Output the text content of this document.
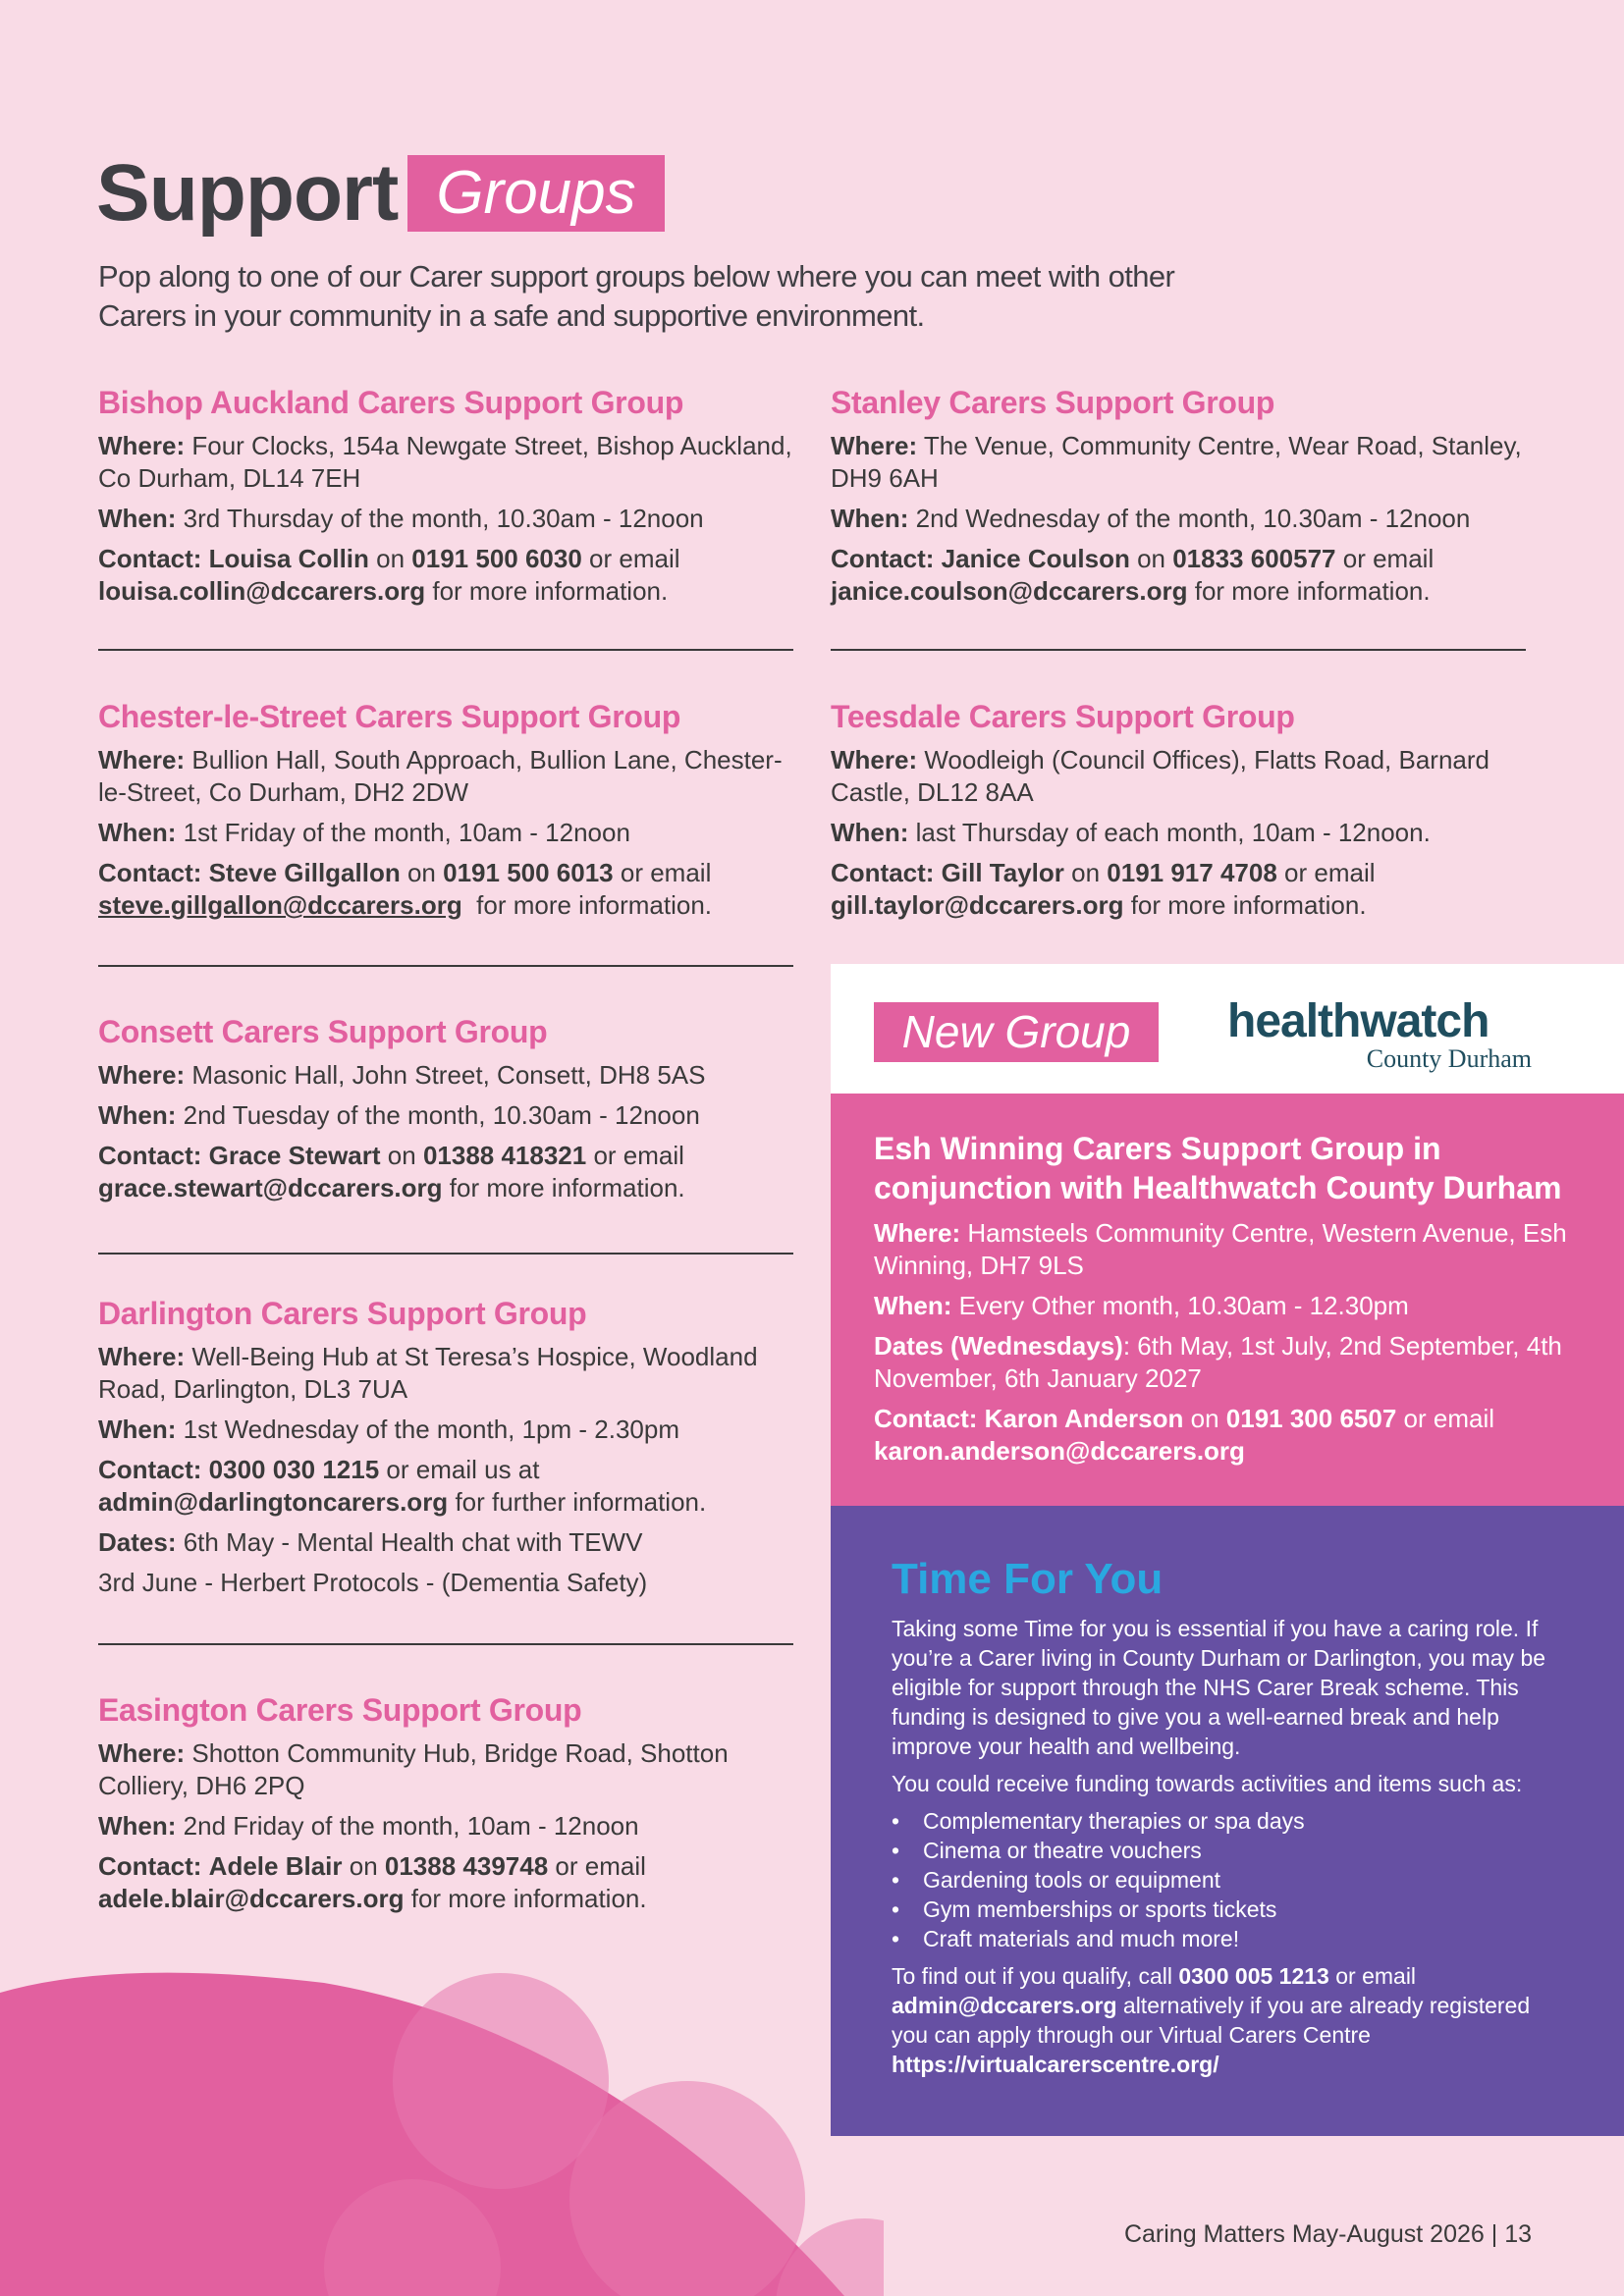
Support Groups
Pop along to one of our Carer support groups below where you can meet with other Carers in your community in a safe and supportive environment.
Bishop Auckland Carers Support Group

Where: Four Clocks, 154a Newgate Street, Bishop Auckland, Co Durham, DL14 7EH

When: 3rd Thursday of the month, 10.30am - 12noon

Contact: Louisa Collin on 0191 500 6030 or email
louisa.collin@dccarers.org for more information.

Chester-le-Street Carers Support Group

Where: Bullion Hall, South Approach, Bullion Lane, Chester- le-Street, Co Durham, DH2 2DW

When: 1st Friday of the month, 10am - 12noon

Contact: Steve Gillgallon on 0191 500 6013 or email
steve.gillgallon@dccarers.org for more information.

Consett Carers Support Group

Where: Masonic Hall, John Street, Consett, DH8 5AS

When: 2nd Tuesday of the month, 10.30am - 12noon

Contact: Grace Stewart on 01388 418321 or email
grace.stewart@dccarers.org for more information.

Darlington Carers Support Group

Where: Well-Being Hub at St Teresa’s Hospice, Woodland Road, Darlington, DL3 7UA

When: 1st Wednesday of the month, 1pm - 2.30pm

Contact: 0300 030 1215 or email us at
admin@darlingtoncarers.org for further information.

Dates: 6th May - Mental Health chat with TEWV

3rd June - Herbert Protocols - (Dementia Safety)

Easington Carers Support Group

Where: Shotton Community Hub, Bridge Road, Shotton Colliery, DH6 2PQ

When: 2nd Friday of the month, 10am - 12noon

Contact: Adele Blair on 01388 439748 or email
adele.blair@dccarers.org for more information.

Stanley Carers Support Group

Where: The Venue, Community Centre, Wear Road, Stanley, DH9 6AH

When: 2nd Wednesday of the month, 10.30am - 12noon

Contact: Janice Coulson on 01833 600577 or email
janice.coulson@dccarers.org for more information.

Teesdale Carers Support Group

Where: Woodleigh (Council Offices), Flatts Road, Barnard Castle, DL12 8AA

When: last Thursday of each month, 10am - 12noon.

Contact: Gill Taylor on 0191 917 4708 or email
gill.taylor@dccarers.org for more information.

New Group	healthwatch
County Durham
Esh Winning Carers Support Group in conjunction with Healthwatch County Durham

Where: Hamsteels Community Centre, Western Avenue, Esh Winning, DH7 9LS

When: Every Other month, 10.30am - 12.30pm

Dates (Wednesdays): 6th May, 1st July, 2nd September, 4th November, 6th January 2027

Contact: Karon Anderson on 0191 300 6507 or email
karon.anderson@dccarers.org

Time For You

Taking some Time for you is essential if you have a caring role. If you’re a Carer living in County Durham or Darlington, you may be eligible for support through the NHS Carer Break scheme. This funding is designed to give you a well-earned break and help improve your health and wellbeing.

You could receive funding towards activities and items such as:

• Complementary therapies or spa days
• Cinema or theatre vouchers
• Gardening tools or equipment
• Gym memberships or sports tickets
• Craft materials and much more!

To find out if you qualify, call 0300 005 1213 or email admin@dccarers.org alternatively if you are already registered you can apply through our Virtual Carers Centre https://virtualcarerscentre.org/

Caring Matters May-August 2026 | 13
